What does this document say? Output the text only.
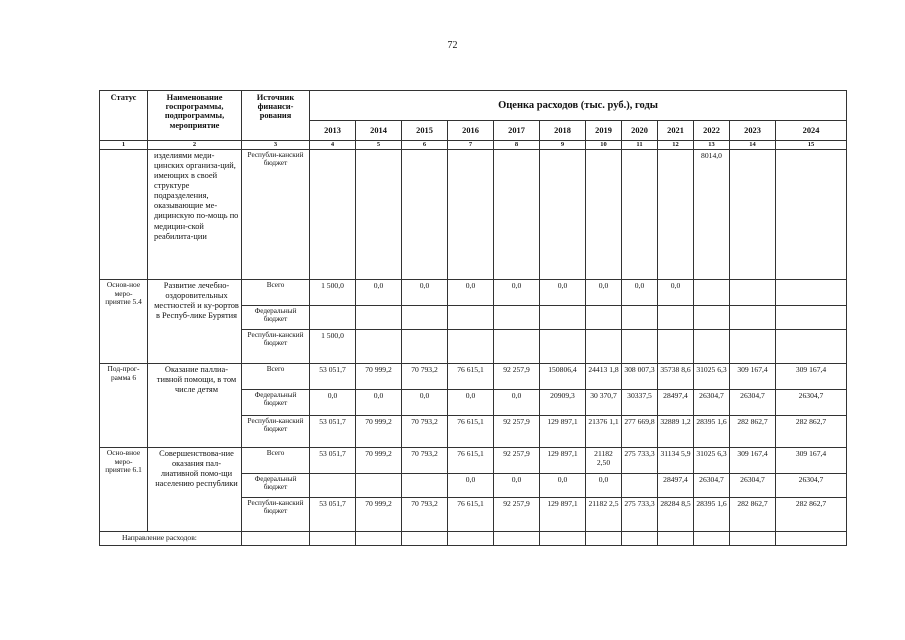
72
Статус	Наименование госпрограммы, подпрограммы, мероприятие	Источник финанси-рования	Оценка расходов (тыс. руб.), годы											
			2013	2014	2015	2016	2017	2018	2019	2020	2021	2022	2023	2024
1	2	3	4	5	6	7	8	9	10	11	12	13	14	15
	изделиями меди-цинских организа-ций, имеющих в своей структуре подразделения, оказывающие ме-дицинскую по-мощь по медицин-ской реабилита-ции	Республи-канский бюджет										8014,0		
Основ-ное меро-приятие 5.4	Развитие лечебно-оздоровительных местностей и ку-рортов в Респуб-лике Бурятия	Всего	1 500,0	0,0	0,0	0,0	0,0	0,0	0,0	0,0	0,0			
		Федеральный бюджет												
		Республи-канский бюджет	1 500,0											
Под-прог-рамма 6	Оказание паллиа-тивной помощи, в том числе детям	Всего	53 051,7	70 999,2	70 793,2	76 615,1	92 257,9	150806,4	24413 1,8	308 007,3	35738 8,6	31025 6,3	309 167,4	309 167,4
		Федеральный бюджет	0,0	0,0	0,0	0,0	0,0	20909,3	30 370,7	30337,5	28497,4	26304,7	26304,7	26304,7
		Республи-канский бюджет	53 051,7	70 999,2	70 793,2	76 615,1	92 257,9	129 897,1	21376 1,1	277 669,8	32889 1,2	28395 1,6	282 862,7	282 862,7
Осно-вное меро-приятие 6.1	Совершенствова-ние оказания пал-лиативной помо-щи населению республики	Всего	53 051,7	70 999,2	70 793,2	76 615,1	92 257,9	129 897,1	21182 2,50	275 733,3	31134 5,9	31025 6,3	309 167,4	309 167,4
		Федеральный бюджет				0,0	0,0	0,0	0,0		28497,4	26304,7	26304,7	26304,7
		Республи-канский бюджет	53 051,7	70 999,2	70 793,2	76 615,1	92 257,9	129 897,1	21182 2,5	275 733,3	28284 8,5	28395 1,6	282 862,7	282 862,7
Направление расходов:														
